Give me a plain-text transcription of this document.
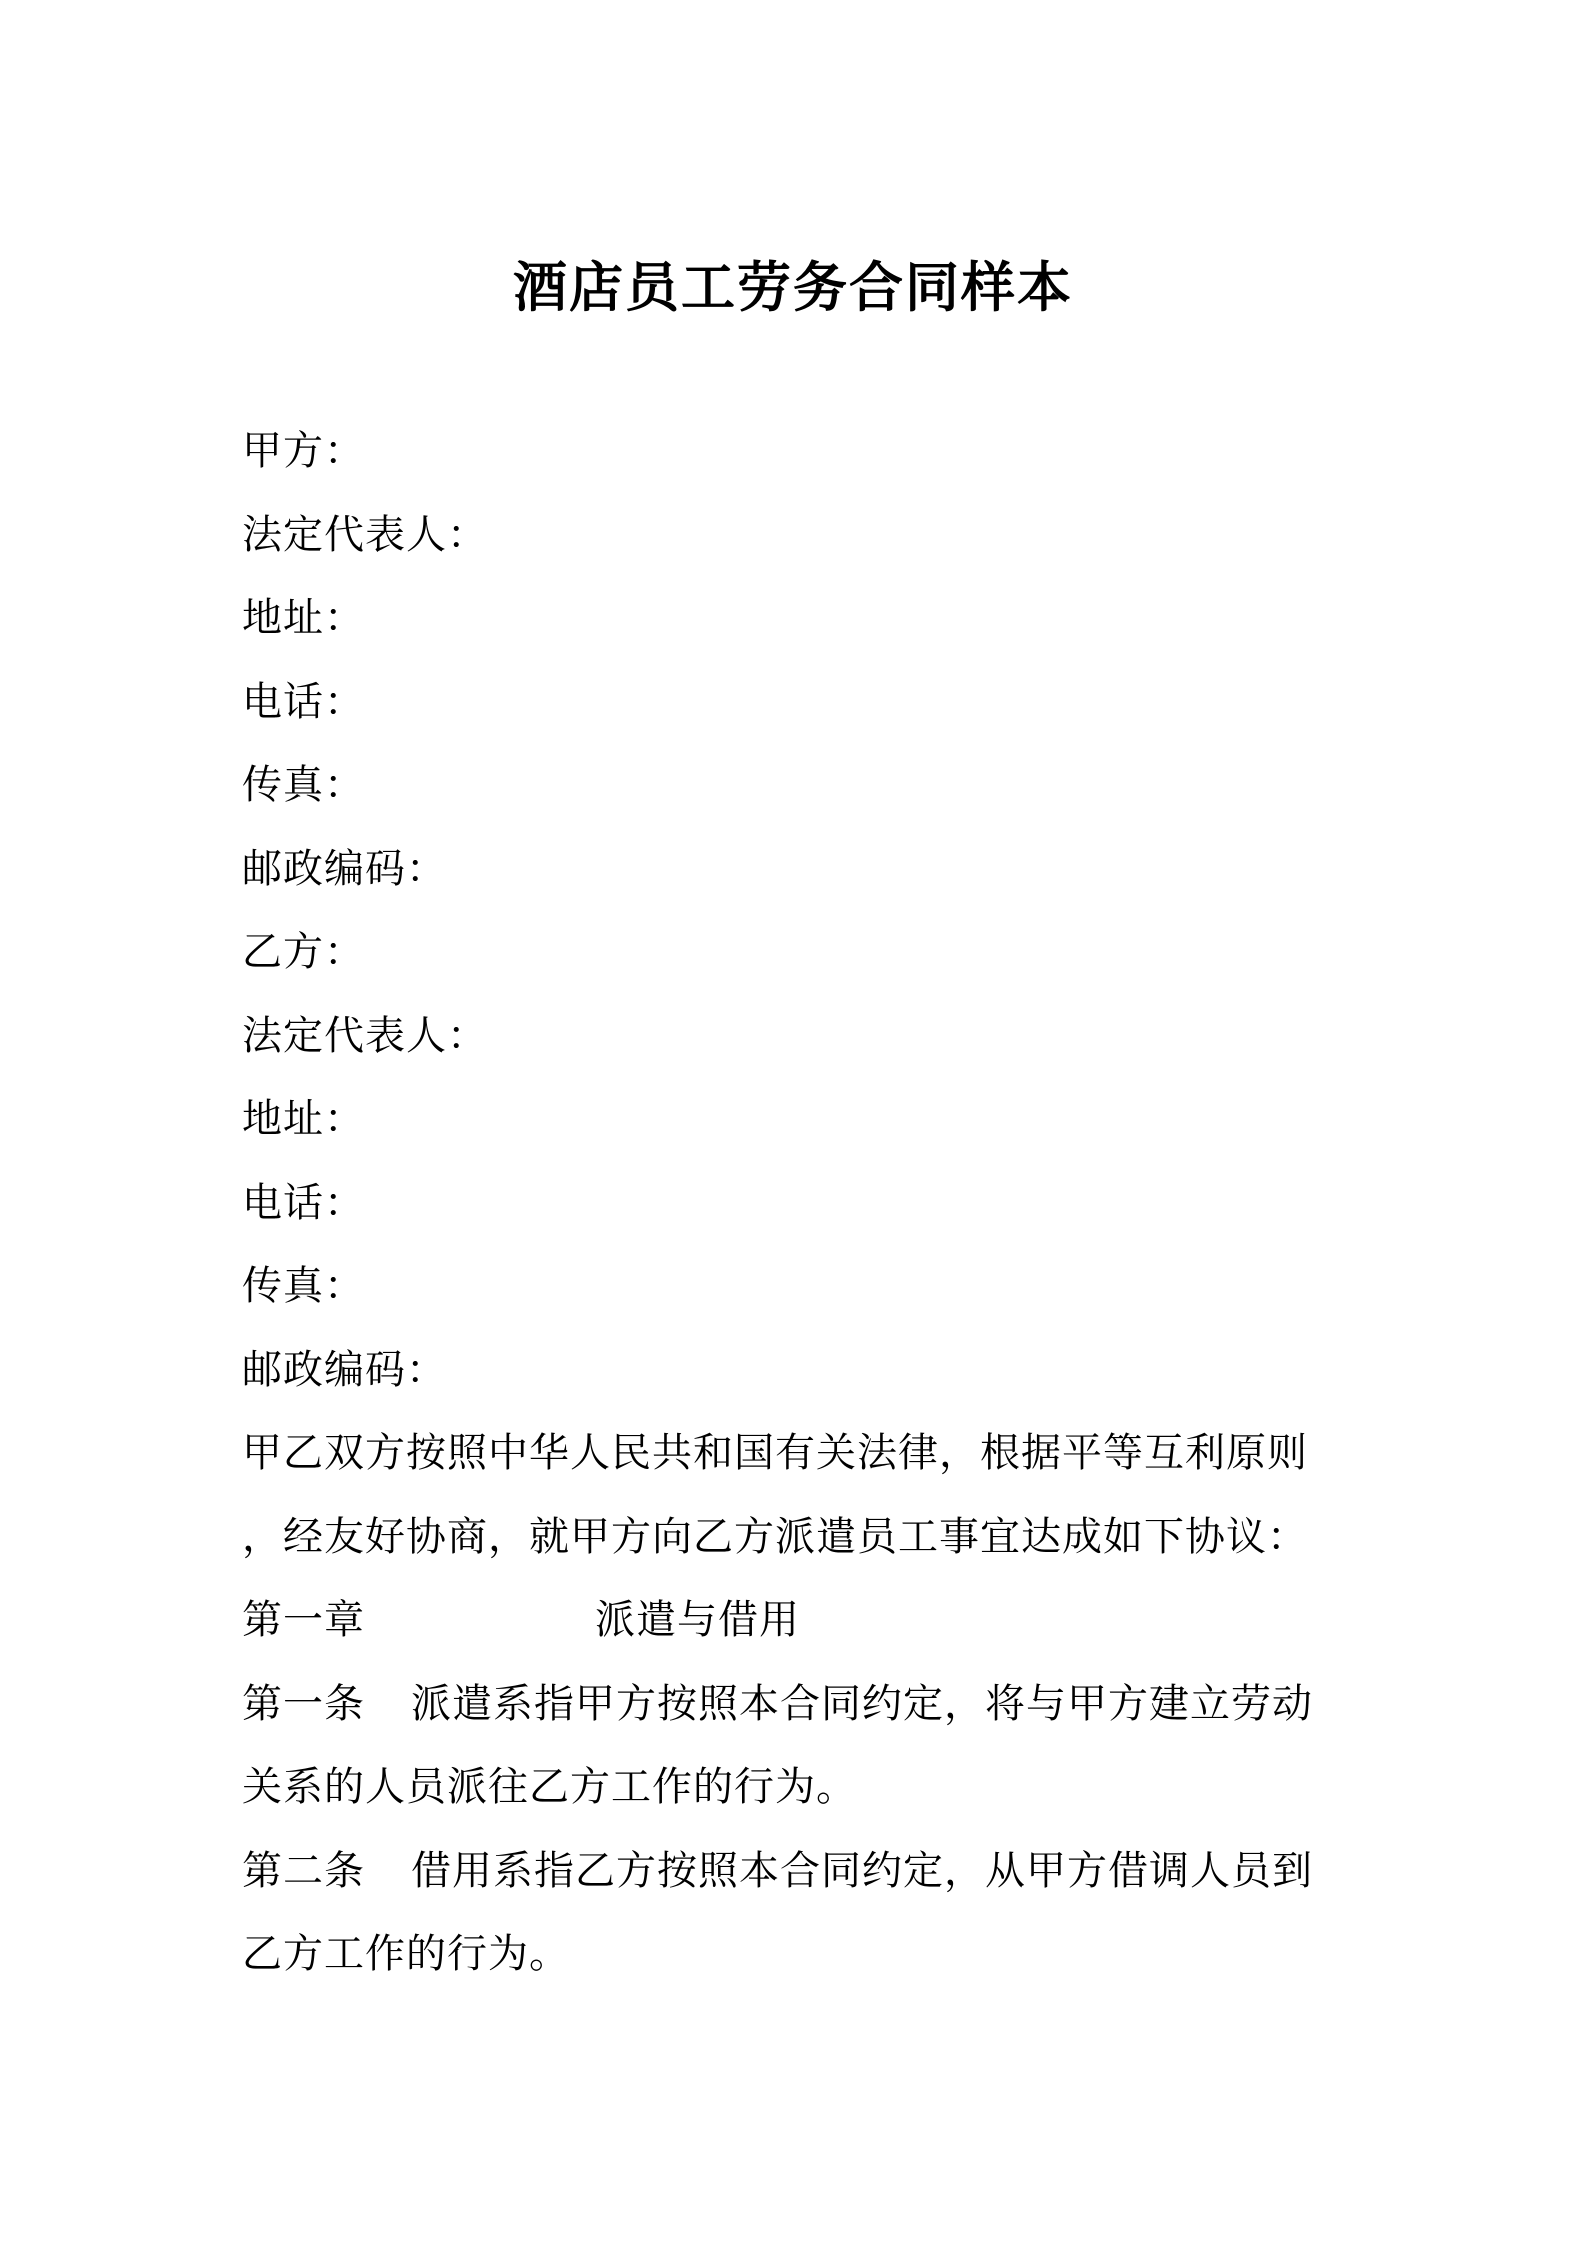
酒店员工劳务合同样本
甲方：
法定代表人：
地址：
电话：
传真：
邮政编码：
乙方：
法定代表人：
地址：
电话：
传真：
邮政编码：
甲乙双方按照中华人民共和国有关法律，根据平等互利原则
，经友好协商，就甲方向乙方派遣员工事宜达成如下协议：
第一章	派遣与借用
第一条 派遣系指甲方按照本合同约定，将与甲方建立劳动
关系的人员派往乙方工作的行为。
第二条 借用系指乙方按照本合同约定，从甲方借调人员到
乙方工作的行为。
